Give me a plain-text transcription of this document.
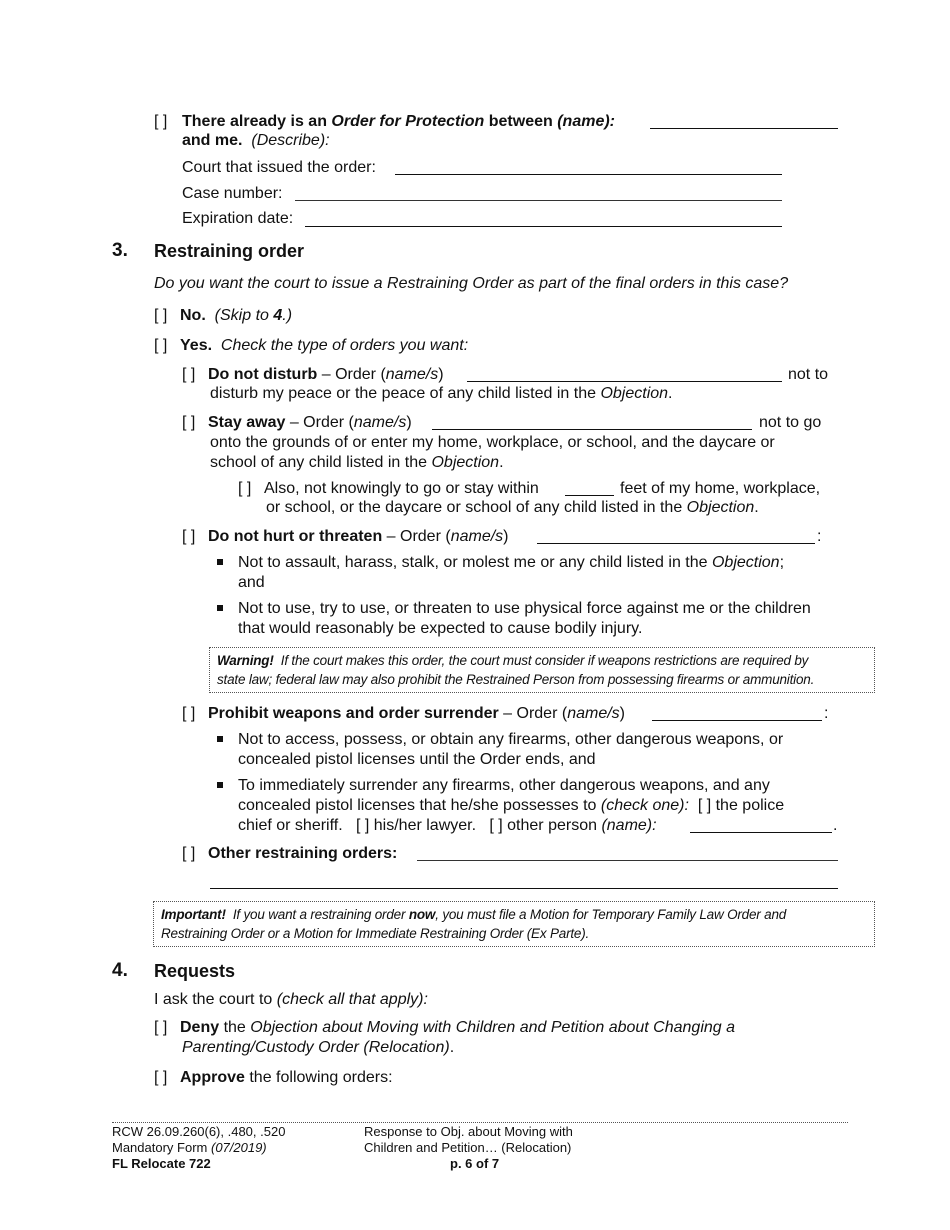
[ ] There already is an Order for Protection between (name):
and me. (Describe):
Court that issued the order:
Case number:
Expiration date:
3. Restraining order
Do you want the court to issue a Restraining Order as part of the final orders in this case?
[ ] No. (Skip to 4.)
[ ] Yes. Check the type of orders you want:
[ ] Do not disturb – Order (name/s)	not to
disturb my peace or the peace of any child listed in the Objection.
[ ] Stay away – Order (name/s)	not to go
onto the grounds of or enter my home, workplace, or school, and the daycare or
school of any child listed in the Objection.
[ ] Also, not knowingly to go or stay within	feet of my home, workplace,
or school, or the daycare or school of any child listed in the Objection.
[ ] Do not hurt or threaten – Order (name/s)	:
Not to assault, harass, stalk, or molest me or any child listed in the Objection;
and
Not to use, try to use, or threaten to use physical force against me or the children
that would reasonably be expected to cause bodily injury.
Warning! If the court makes this order, the court must consider if weapons restrictions are required by
state law; federal law may also prohibit the Restrained Person from possessing firearms or ammunition.
[ ] Prohibit weapons and order surrender – Order (name/s)	:
Not to access, possess, or obtain any firearms, other dangerous weapons, or
concealed pistol licenses until the Order ends, and
To immediately surrender any firearms, other dangerous weapons, and any
concealed pistol licenses that he/she possesses to (check one): [ ] the police
chief or sheriff. [ ] his/her lawyer. [ ] other person (name):	.
[ ] Other restraining orders:
Important! If you want a restraining order now, you must file a Motion for Temporary Family Law Order and
Restraining Order or a Motion for Immediate Restraining Order (Ex Parte).
4. Requests
I ask the court to (check all that apply):
[ ] Deny the Objection about Moving with Children and Petition about Changing a
Parenting/Custody Order (Relocation).
[ ] Approve the following orders:
RCW 26.09.260(6), .480, .520
Mandatory Form (07/2019)
FL Relocate 722
Response to Obj. about Moving with
Children and Petition… (Relocation)
p. 6 of 7
